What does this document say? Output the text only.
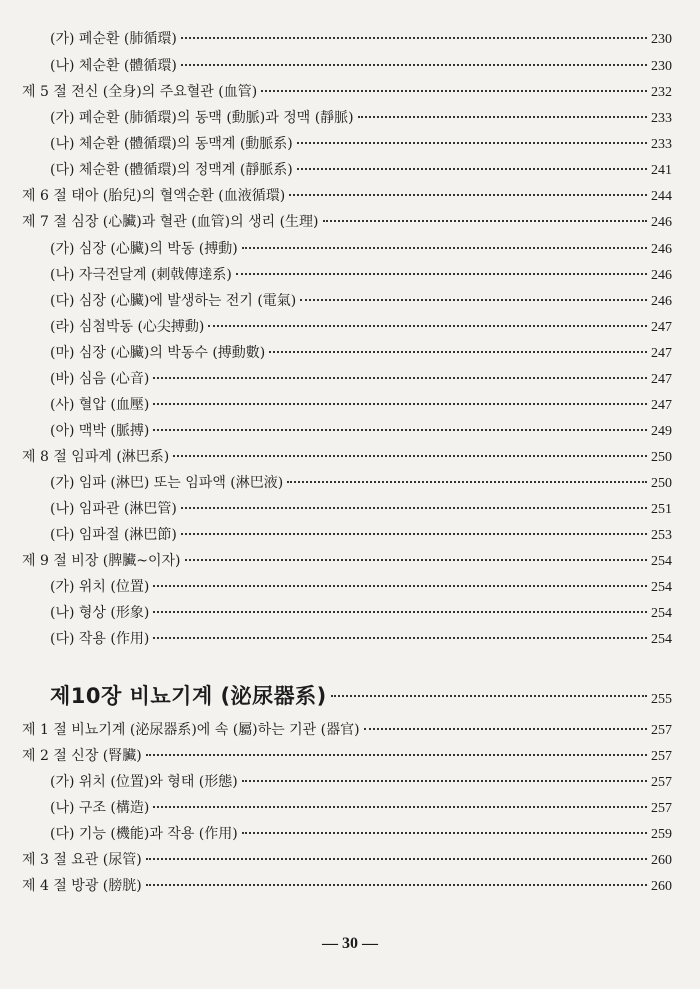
(가) 폐순환 (肺循環)	230
(나) 체순환 (體循環)	230
제 5 절 전신 (全身)의 주요혈관 (血管)	232
(가) 폐순환 (肺循環)의 동맥 (動脈)과 정맥 (靜脈)	233
(나) 체순환 (體循環)의 동맥계 (動脈系)	233
(다) 체순환 (體循環)의 정맥계 (靜脈系)	241
제 6 절 태아 (胎兒)의 혈액순환 (血液循環)	244
제 7 절 심장 (心臟)과 혈관 (血管)의 생리 (生理)	246
(가) 심장 (心臟)의 박동 (搏動)	246
(나) 자극전달계 (刺戟傳達系)	246
(다) 심장 (心臟)에 발생하는 전기 (電氣)	246
(라) 심첨박동 (心尖搏動)	247
(마) 심장 (心臟)의 박동수 (搏動數)	247
(바) 심음 (心音)	247
(사) 혈압 (血壓)	247
(아) 맥박 (脈搏)	249
제 8 절 임파계 (淋巴系)	250
(가) 임파 (淋巴) 또는 임파액 (淋巴液)	250
(나) 임파관 (淋巴管)	251
(다) 임파절 (淋巴節)	253
제 9 절 비장 (脾臟~이자)	254
(가) 위치 (位置)	254
(나) 형상 (形象)	254
(다) 작용 (作用)	254
제10장 비뇨기계 (泌尿器系)	255
제 1 절 비뇨기계 (泌尿器系)에 속 (屬)하는 기관 (器官)	257
제 2 절 신장 (腎臟)	257
(가) 위치 (位置)와 형태 (形態)	257
(나) 구조 (構造)	257
(다) 기능 (機能)과 작용 (作用)	259
제 3 절 요관 (尿管)	260
제 4 절 방광 (膀胱)	260
— 30 —
